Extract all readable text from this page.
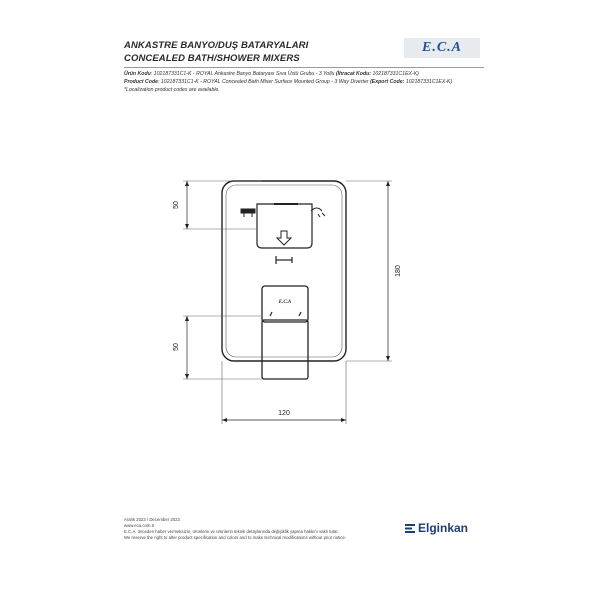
ANKASTRE BANYO/DUŞ BATARYALARI
CONCEALED BATH/SHOWER MIXERS
E.C.A
Ürün Kodu: 102187331C1-K - ROYAL Ankastre Banyo Bataryası Sıva Üstü Grubu - 3 Yollu (İhracat Kodu: 102187331C1EX-K)
Product Code: 102187331C1-K - ROYAL Concealed Bath Mixer Surface Mounted Group - 3 Way Diverter (Export Code: 102187331C1EX-K)
*Localization product codes are available.
E.C.A
50
50
180
120
Aralık 2023 / December 2023
www.eca.com.tr
E.C.A. önceden haber vermeksizin, ürünlerin ve ürünlerin teknik detaylarında değişiklik yapma hakkını saklı tutar.
We reserve the right to alter product specification and colors and to make technical modifications without prior notice.
Elginkan
